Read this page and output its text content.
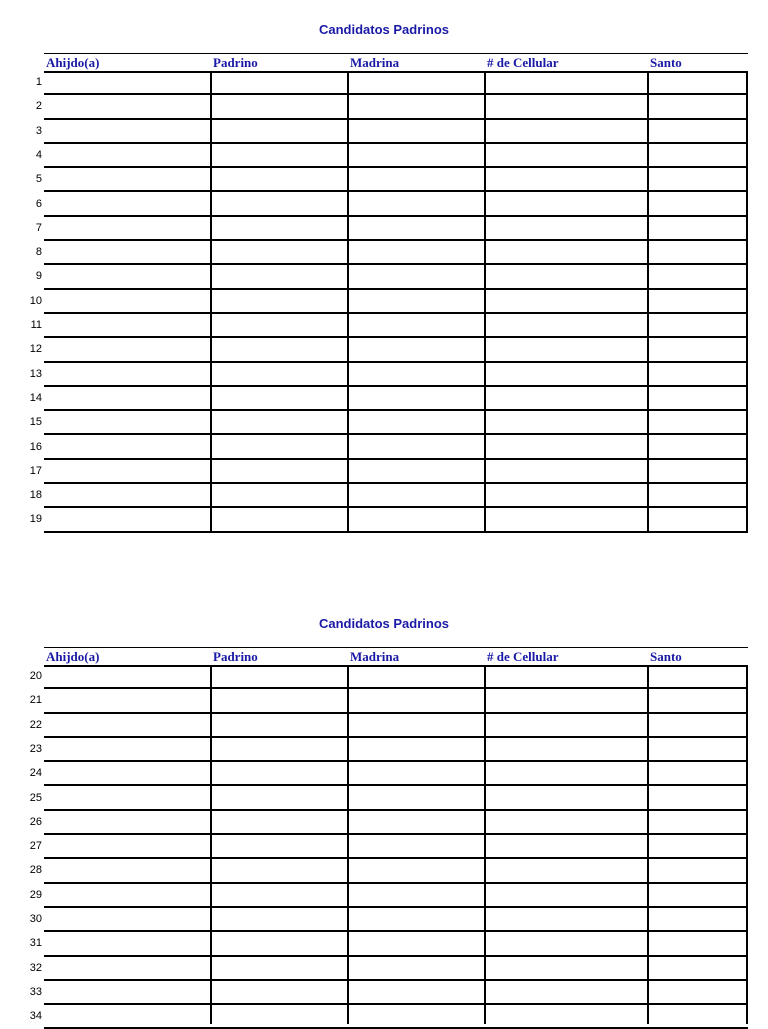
Candidatos Padrinos
Ahijdo(a)	Padrino	Madrina	# de Cellular	Santo
1
2
3
4
5
6
7
8
9
10
11
12
13
14
15
16
17
18
19
Candidatos Padrinos
Ahijdo(a)	Padrino	Madrina	# de Cellular	Santo
20
21
22
23
24
25
26
27
28
29
30
31
32
33
34
